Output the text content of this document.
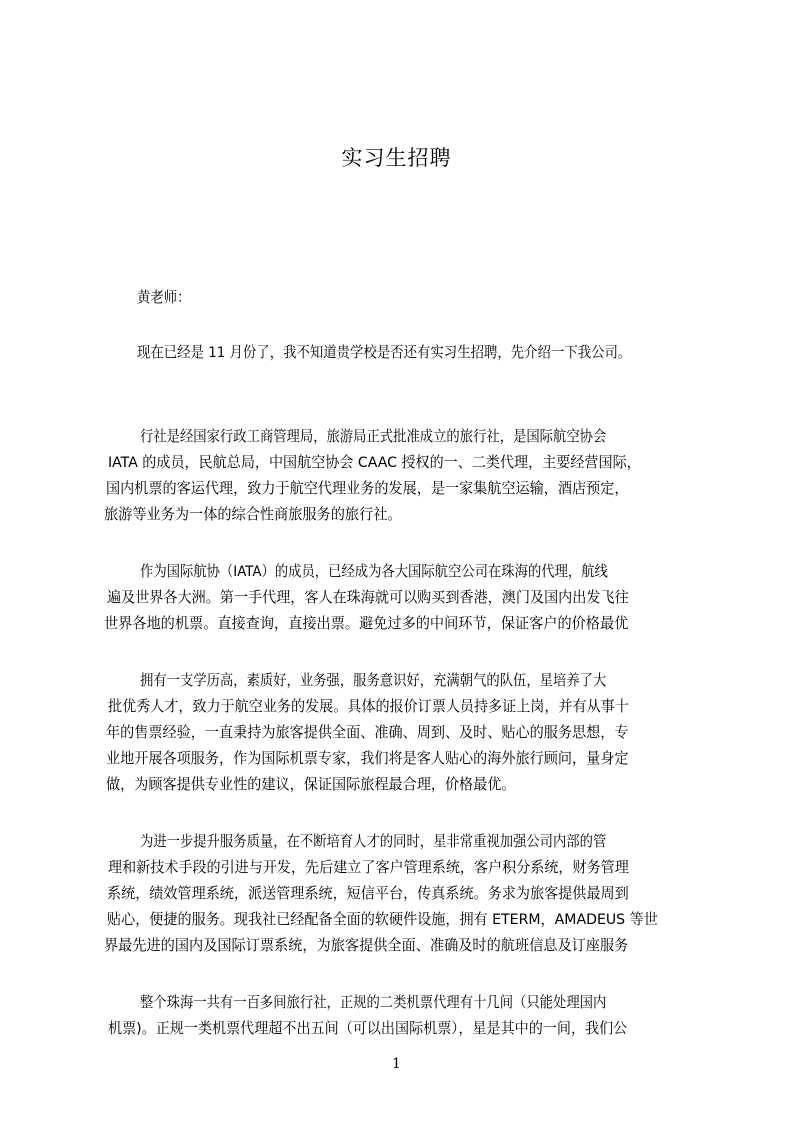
实习生招聘
黄老师：
现在已经是 11 月份了，我不知道贵学校是否还有实习生招聘，先介绍一下我公司。
行社是经国家行政工商管理局，旅游局正式批准成立的旅行社，是国际航空协会
IATA 的成员，民航总局，中国航空协会 CAAC 授权的一、二类代理，主要经营国际，
国内机票的客运代理，致力于航空代理业务的发展，是一家集航空运输，酒店预定，
旅游等业务为一体的综合性商旅服务的旅行社。
作为国际航协（IATA）的成员，已经成为各大国际航空公司在珠海的代理，航线
遍及世界各大洲。第一手代理，客人在珠海就可以购买到香港，澳门及国内出发飞往
世界各地的机票。直接查询，直接出票。避免过多的中间环节，保证客户的价格最优
拥有一支学历高，素质好，业务强，服务意识好，充满朝气的队伍，星培养了大
批优秀人才，致力于航空业务的发展。具体的报价订票人员持多证上岗，并有从事十
年的售票经验，一直秉持为旅客提供全面、准确、周到、及时、贴心的服务思想，专
业地开展各项服务，作为国际机票专家，我们将是客人贴心的海外旅行顾问，量身定
做，为顾客提供专业性的建议，保证国际旅程最合理，价格最优。
为进一步提升服务质量，在不断培育人才的同时，星非常重视加强公司内部的管
理和新技术手段的引进与开发，先后建立了客户管理系统，客户积分系统，财务管理
系统，绩效管理系统，派送管理系统，短信平台，传真系统。务求为旅客提供最周到
贴心，便捷的服务。现我社已经配备全面的软硬件设施，拥有 ETERM，AMADEUS 等世
界最先进的国内及国际订票系统，为旅客提供全面、准确及时的航班信息及订座服务
整个珠海一共有一百多间旅行社，正规的二类机票代理有十几间（只能处理国内
机票)。正规一类机票代理超不出五间（可以出国际机票），星是其中的一间，我们公
1
